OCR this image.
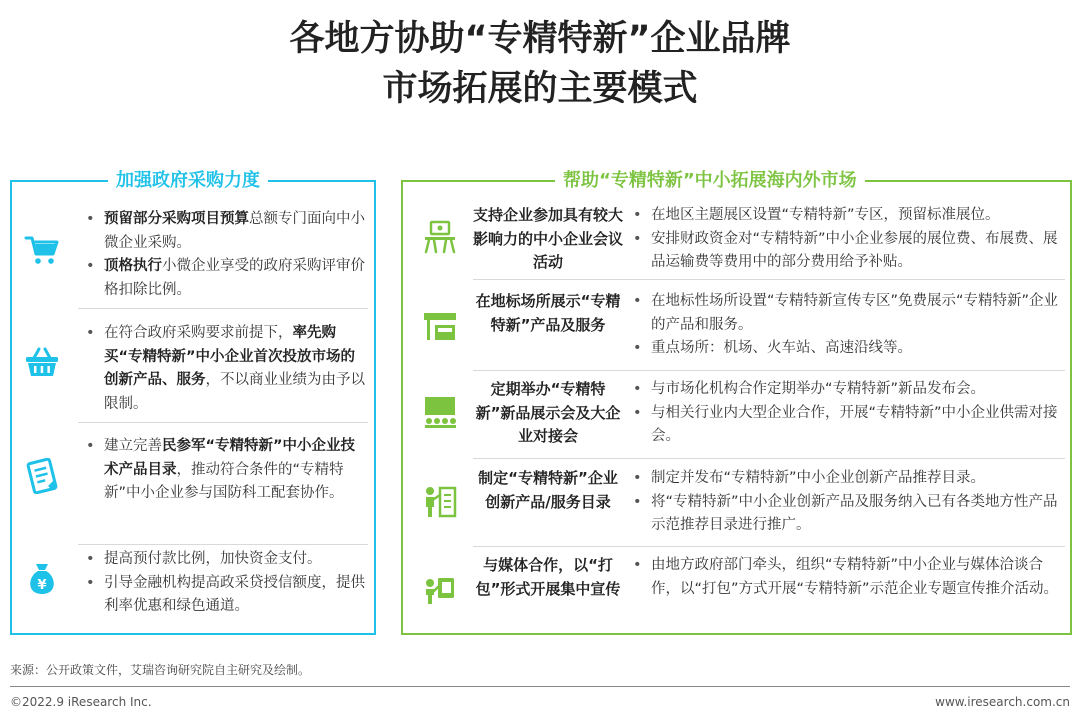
各地方协助“专精特新”企业品牌
市场拓展的主要模式
加强政府采购力度
• 预留部分采购项目预算总额专门面向中小微企业采购。
• 顶格执行小微企业享受的政府采购评审价格扣除比例。
• 在符合政府采购要求前提下，率先购买“专精特新”中小企业首次投放市场的创新产品、服务，不以商业业绩为由予以限制。
• 建立完善民参军“专精特新”中小企业技术产品目录，推动符合条件的“专精特新”中小企业参与国防科工配套协作。
¥
• 提高预付款比例，加快资金支付。
• 引导金融机构提高政采贷授信额度，提供利率优惠和绿色通道。
帮助“专精特新”中小拓展海内外市场
支持企业参加具有较大影响力的中小企业会议活动
• 在地区主题展区设置“专精特新”专区，预留标准展位。
• 安排财政资金对“专精特新”中小企业参展的展位费、布展费、展品运输费等费用中的部分费用给予补贴。
在地标场所展示“专精特新”产品及服务
• 在地标性场所设置“专精特新宣传专区”免费展示“专精特新”企业的产品和服务。
• 重点场所：机场、火车站、高速沿线等。
定期举办“专精特新”新品展示会及大企业对接会
• 与市场化机构合作定期举办“专精特新”新品发布会。
• 与相关行业内大型企业合作，开展“专精特新”中小企业供需对接会。
制定“专精特新”企业创新产品/服务目录
• 制定并发布“专精特新”中小企业创新产品推荐目录。
• 将“专精特新”中小企业创新产品及服务纳入已有各类地方性产品示范推荐目录进行推广。
与媒体合作，以“打包”形式开展集中宣传
• 由地方政府部门牵头，组织“专精特新”中小企业与媒体洽谈合作，以“打包”方式开展“专精特新”示范企业专题宣传推介活动。
来源：公开政策文件，艾瑞咨询研究院自主研究及绘制。
©2022.9 iResearch Inc.	www.iresearch.com.cn
